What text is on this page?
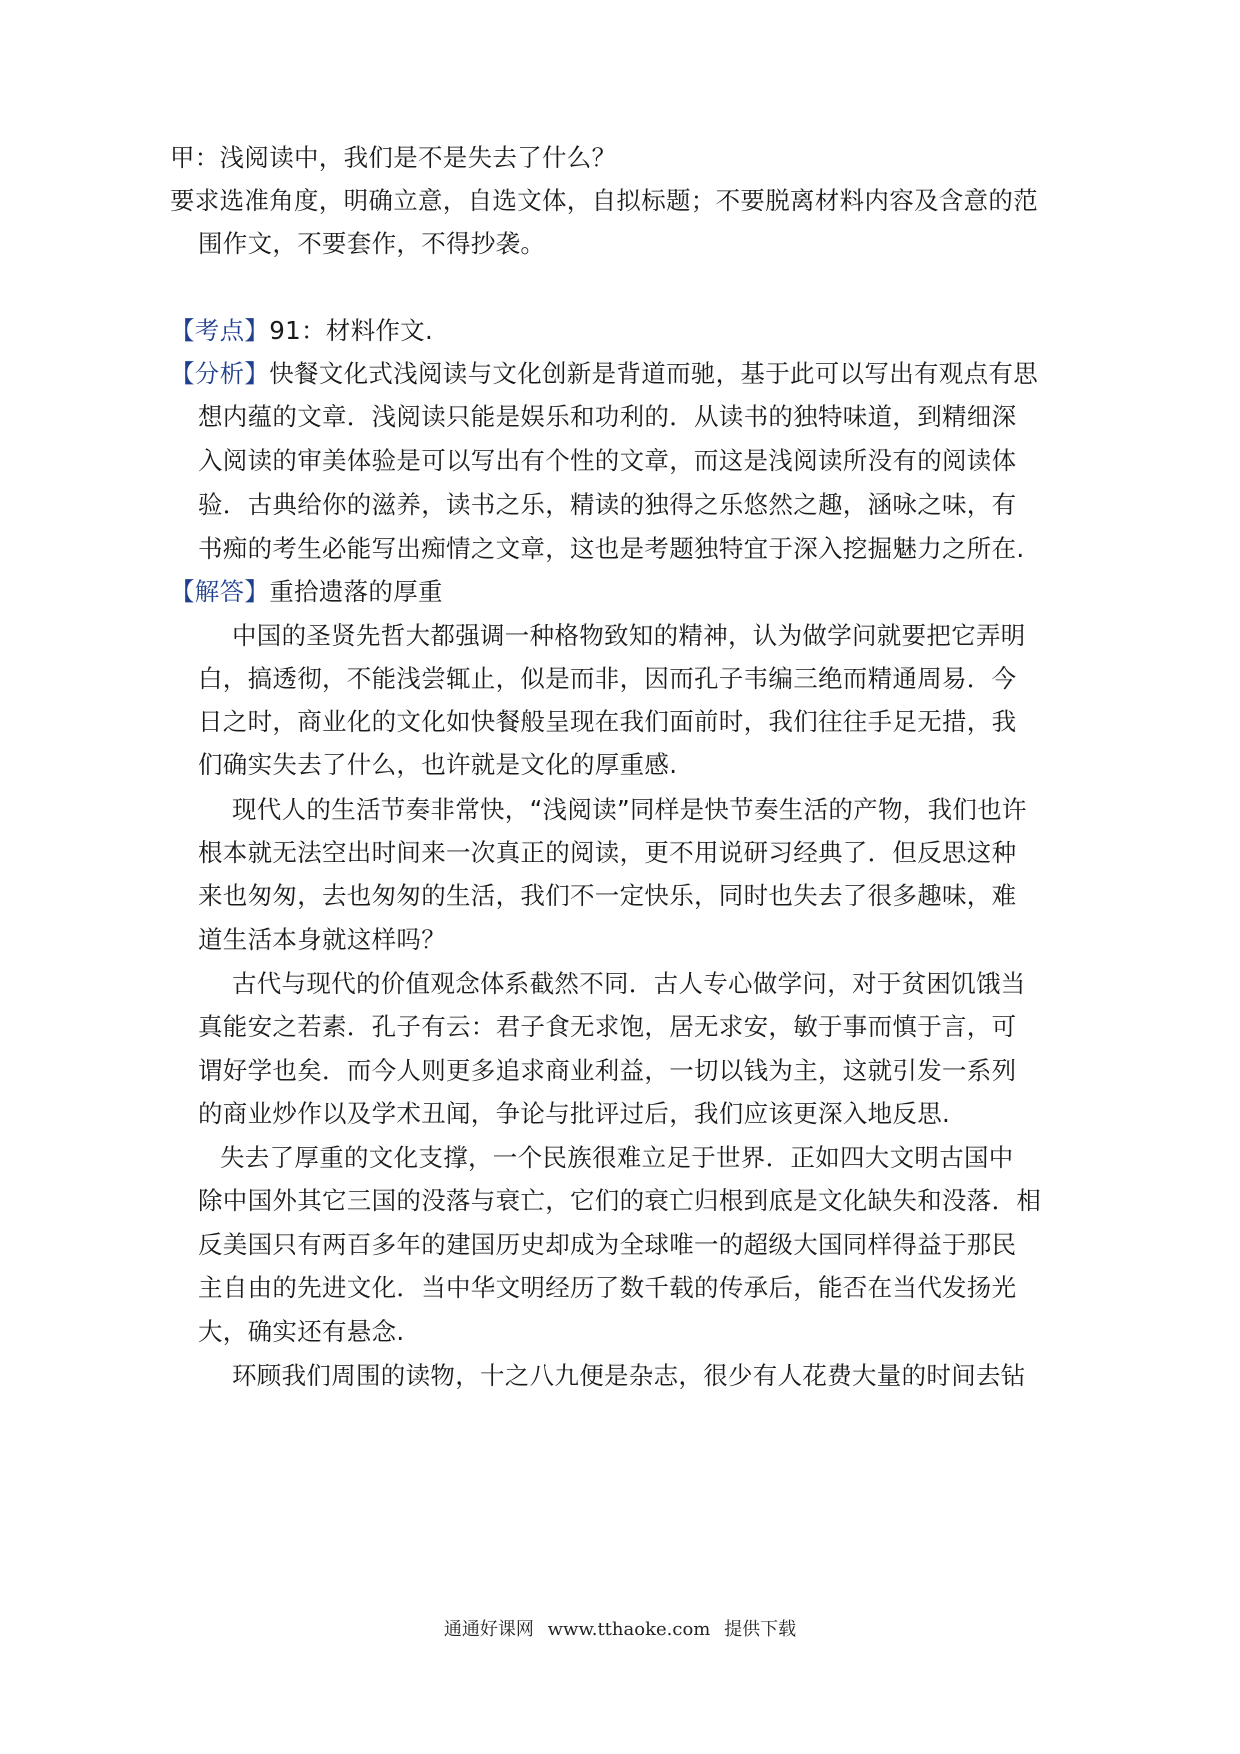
甲：浅阅读中，我们是不是失去了什么？
要求选准角度，明确立意，自选文体，自拟标题；不要脱离材料内容及含意的范
围作文，不要套作，不得抄袭。
【考点】91：材料作文.
【分析】快餐文化式浅阅读与文化创新是背道而驰，基于此可以写出有观点有思
想内蕴的文章．浅阅读只能是娱乐和功利的．从读书的独特味道，到精细深
入阅读的审美体验是可以写出有个性的文章，而这是浅阅读所没有的阅读体
验．古典给你的滋养，读书之乐，精读的独得之乐悠然之趣，涵咏之味，有
书痴的考生必能写出痴情之文章，这也是考题独特宜于深入挖掘魅力之所在.
【解答】重拾遗落的厚重
中国的圣贤先哲大都强调一种格物致知的精神，认为做学问就要把它弄明
白，搞透彻，不能浅尝辄止，似是而非，因而孔子韦编三绝而精通周易．今
日之时，商业化的文化如快餐般呈现在我们面前时，我们往往手足无措，我
们确实失去了什么，也许就是文化的厚重感.
现代人的生活节奏非常快，“浅阅读”同样是快节奏生活的产物，我们也许
根本就无法空出时间来一次真正的阅读，更不用说研习经典了．但反思这种
来也匆匆，去也匆匆的生活，我们不一定快乐，同时也失去了很多趣味，难
道生活本身就这样吗？
古代与现代的价值观念体系截然不同．古人专心做学问，对于贫困饥饿当
真能安之若素．孔子有云：君子食无求饱，居无求安，敏于事而慎于言，可
谓好学也矣．而今人则更多追求商业利益，一切以钱为主，这就引发一系列
的商业炒作以及学术丑闻，争论与批评过后，我们应该更深入地反思.
失去了厚重的文化支撑，一个民族很难立足于世界．正如四大文明古国中
除中国外其它三国的没落与衰亡，它们的衰亡归根到底是文化缺失和没落．相
反美国只有两百多年的建国历史却成为全球唯一的超级大国同样得益于那民
主自由的先进文化．当中华文明经历了数千载的传承后，能否在当代发扬光
大，确实还有悬念.
环顾我们周围的读物，十之八九便是杂志，很少有人花费大量的时间去钻
通通好课网 www.tthaoke.com 提供下载
